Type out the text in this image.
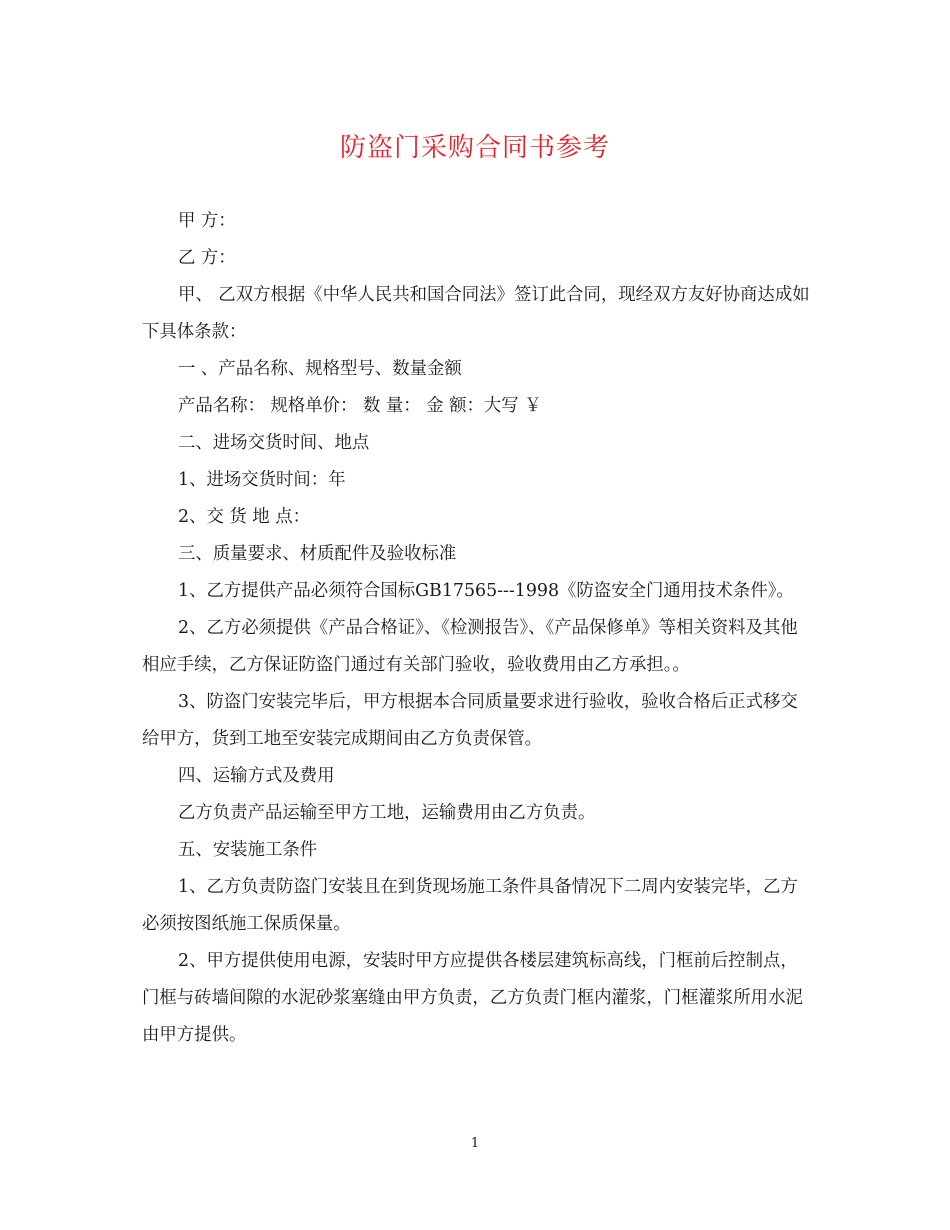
防盗门采购合同书参考

甲 方：

乙 方：

甲、 乙双方根据《中华人民共和国合同法》签订此合同，现经双方友好协商达成如下具体条款：

一 、产品名称、规格型号、数量金额

产品名称： 规格单价： 数 量： 金 额：大写 ￥

二、进场交货时间、地点

1、进场交货时间：年

2、交 货 地 点：

三、质量要求、材质配件及验收标准

1、乙方提供产品必须符合国标GB17565---1998《防盗安全门通用技术条件》。

2、乙方必须提供《产品合格证》、《检测报告》、《产品保修单》等相关资料及其他相应手续，乙方保证防盗门通过有关部门验收，验收费用由乙方承担。。

3、防盗门安装完毕后，甲方根据本合同质量要求进行验收，验收合格后正式移交给甲方，货到工地至安装完成期间由乙方负责保管。

四、运输方式及费用

乙方负责产品运输至甲方工地，运输费用由乙方负责。

五、安装施工条件

1、乙方负责防盗门安装且在到货现场施工条件具备情况下二周内安装完毕，乙方必须按图纸施工保质保量。

2、甲方提供使用电源，安装时甲方应提供各楼层建筑标高线，门框前后控制点，门框与砖墙间隙的水泥砂浆塞缝由甲方负责，乙方负责门框内灌浆，门框灌浆所用水泥由甲方提供。

1
